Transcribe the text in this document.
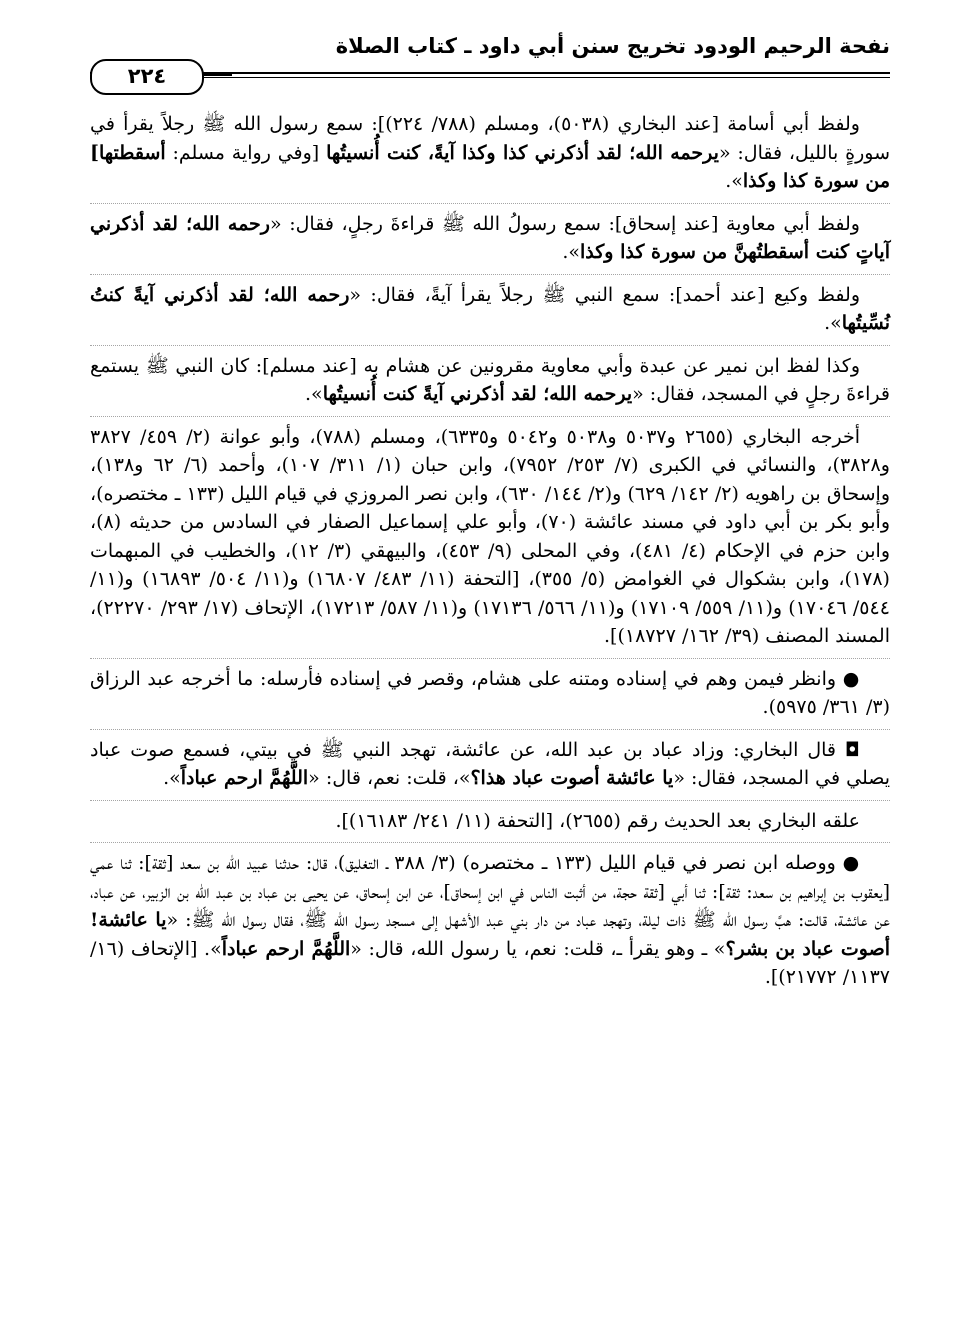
نفحة الرحيم الودود تخريج سنن أبي داود ـ كتاب الصلاة
٢٢٤

ولفظ أبي أسامة [عند البخاري (٥٠٣٨)، ومسلم (٧٨٨/ ٢٢٤)]: سمع رسول الله ﷺ رجلاً يقرأ في سورةٍ بالليل، فقال: «يرحمه الله؛ لقد أذكرني كذا وكذا آيةً، كنت أُنسيتُها [وفي رواية مسلم: أسقطتها] من سورة كذا وكذا».

ولفظ أبي معاوية [عند إسحاق]: سمع رسولُ الله ﷺ قراءةَ رجلٍ، فقال: «رحمه الله؛ لقد أذكرني آياتٍ كنت أسقطتُهنَّ من سورة كذا وكذا».

ولفظ وكيع [عند أحمد]: سمع النبي ﷺ رجلاً يقرأ آيةً، فقال: «رحمه الله؛ لقد أذكرني آيةً كنتُ نُسِّيتُها».

وكذا لفظ ابن نمير عن عبدة وأبي معاوية مقرونين عن هشام به [عند مسلم]: كان النبي ﷺ يستمع قراءةَ رجلٍ في المسجد، فقال: «يرحمه الله؛ لقد أذكرني آيةً كنت أُنسيتُها».

أخرجه البخاري (٢٦٥٥ و٥٠٣٧ و٥٠٣٨ و٥٠٤٢ و٦٣٣٥)، ومسلم (٧٨٨)، وأبو عوانة (٢/ ٤٥٩/ ٣٨٢٧ و٣٨٢٨)، والنسائي في الكبرى (٧/ ٢٥٣/ ٧٩٥٢)، وابن حبان (١/ ٣١١/ ١٠٧)، وأحمد (٦/ ٦٢ و١٣٨)، وإسحاق بن راهويه (٢/ ١٤٢/ ٦٢٩) و(٢/ ١٤٤/ ٦٣٠)، وابن نصر المروزي في قيام الليل (١٣٣ ـ مختصره)، وأبو بكر بن أبي داود في مسند عائشة (٧٠)، وأبو علي إسماعيل الصفار في السادس من حديثه (٨)، وابن حزم في الإحكام (٤/ ٤٨١)، وفي المحلى (٩/ ٤٥٣)، والبيهقي (٣/ ١٢)، والخطيب في المبهمات (١٧٨)، وابن بشكوال في الغوامض (٥/ ٣٥٥)، [التحفة (١١/ ٤٨٣/ ١٦٨٠٧) و(١١/ ٥٠٤/ ١٦٨٩٣) و(١١/ ٥٤٤/ ١٧٠٤٦) و(١١/ ٥٥٩/ ١٧١٠٩) و(١١/ ٥٦٦/ ١٧١٣٦) و(١١/ ٥٨٧/ ١٧٢١٣)، الإتحاف (١٧/ ٢٩٣/ ٢٢٢٧٠)، المسند المصنف (٣٩/ ١٦٢/ ١٨٧٢٧)].

● وانظر فيمن وهم في إسناده ومتنه على هشام، وقصر في إسناده فأرسله: ما أخرجه عبد الرزاق (٣/ ٣٦١/ ٥٩٧٥).

◘ قال البخاري: وزاد عباد بن عبد الله، عن عائشة، تهجد النبي ﷺ في بيتي، فسمع صوت عباد يصلي في المسجد، فقال: «يا عائشة أصوت عباد هذا؟»، قلت: نعم، قال: «اللَّهُمَّ ارحم عباداً».

علقه البخاري بعد الحديث رقم (٢٦٥٥)، [التحفة (١١/ ٢٤١/ ١٦١٨٣)].

● ووصله ابن نصر في قيام الليل (١٣٣ ـ مختصره) (٣/ ٣٨٨ ـ التغليق)، قال: حدثنا عبيد الله بن سعد [ثقة]: ثنا عمي [يعقوب بن إبراهيم بن سعد: ثقة]: ثنا أبي [ثقة حجة، من أثبت الناس في ابن إسحاق]، عن ابن إسحاق، عن يحيى بن عباد بن عبد الله بن الزبير، عن عباد، عن عائشة، قالت: هبَّ رسول الله ﷺ ذات ليلة، وتهجد عباد من دار بني عبد الأشهل إلى مسجد رسول الله ﷺ، فقال رسول الله ﷺ: «يا عائشة! أصوت عباد بن بشر؟» ـ وهو يقرأ ـ، قلت: نعم، يا رسول الله، قال: «اللَّهُمَّ ارحم عباداً». [الإتحاف (١٦/ ١١٣٧/ ٢١٧٧٢)].
